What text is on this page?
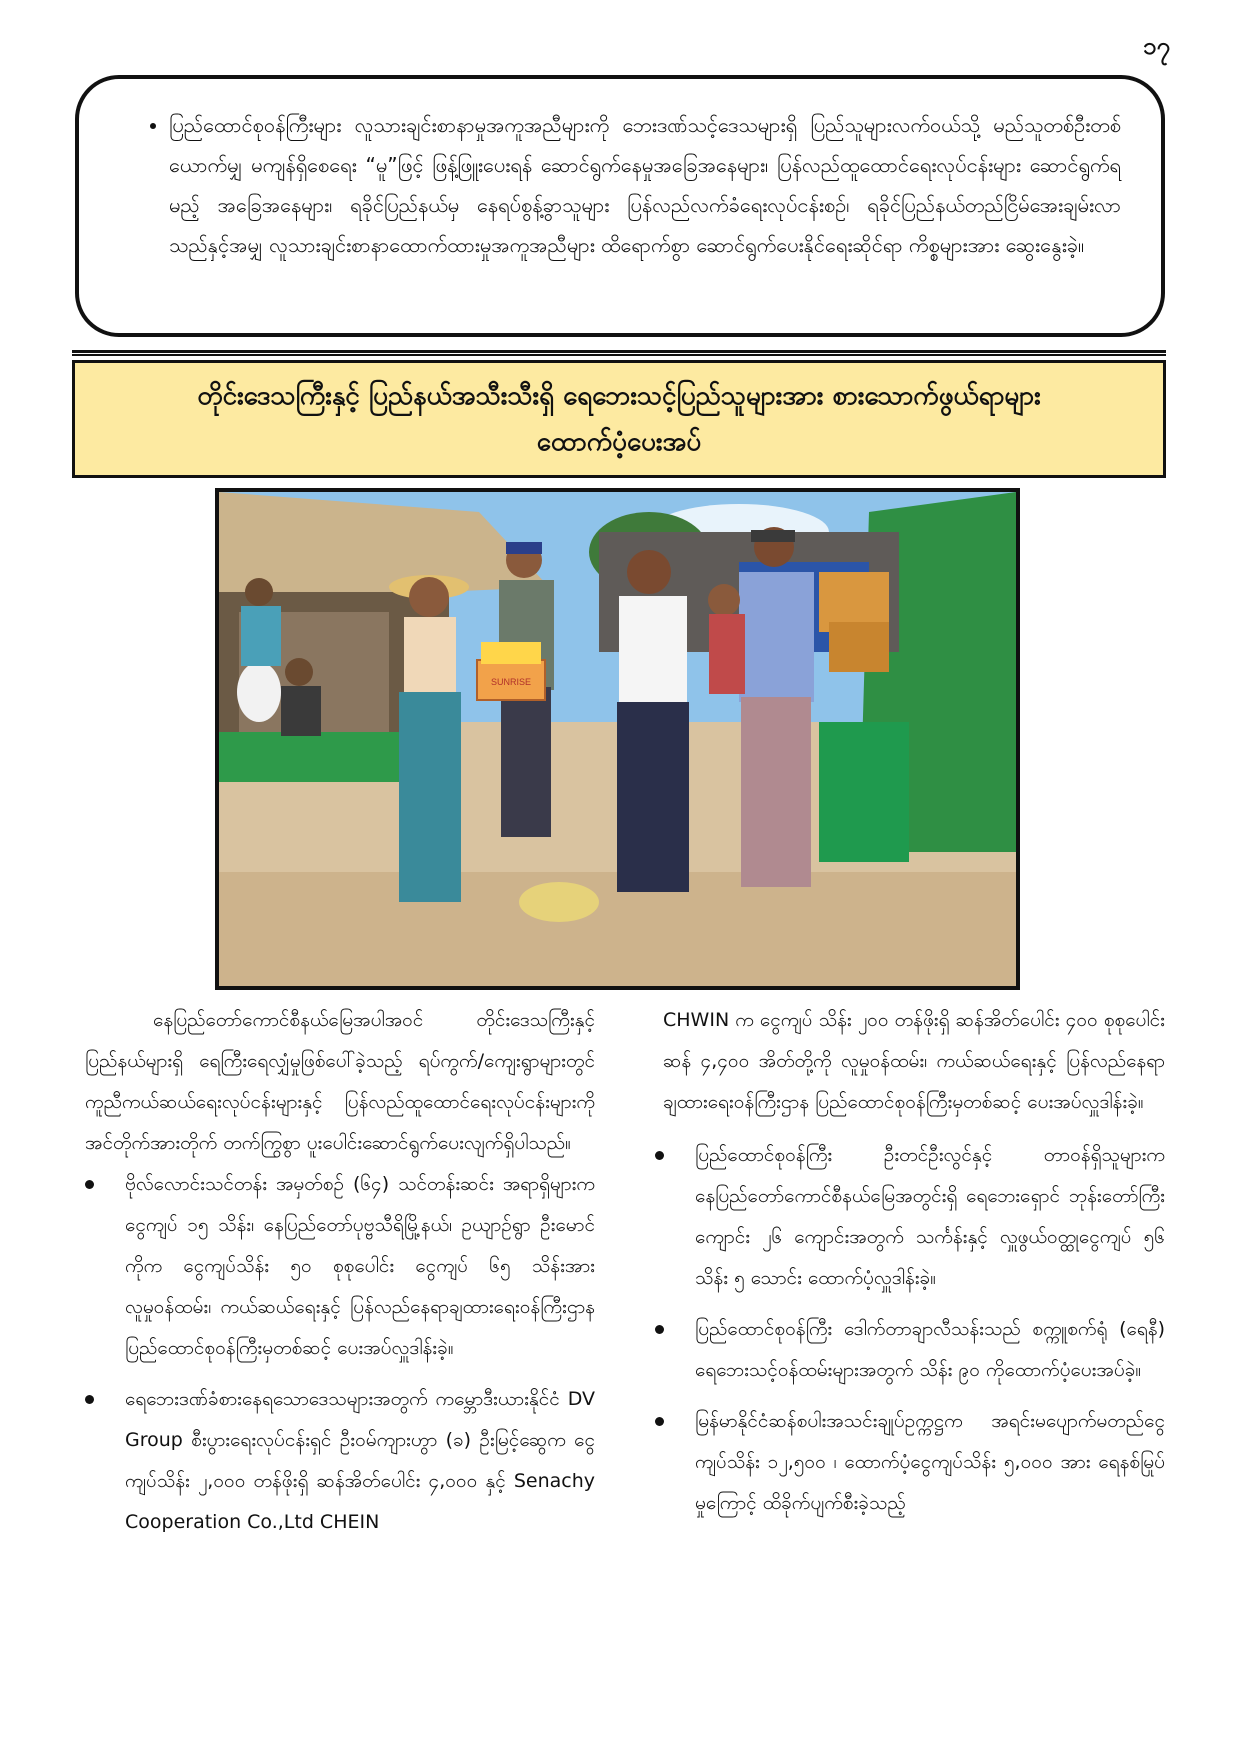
၁၇
• ပြည်ထောင်စုဝန်ကြီးများ လူသားချင်းစာနာမှုအကူအညီများကို ဘေးဒဏ်သင့်ဒေသများရှိ ပြည်သူများလက်ဝယ်သို့ မည်သူတစ်ဦးတစ်ယောက်မျှ မကျန်ရှိစေရေး “မူ”ဖြင့် ဖြန့်ဖြူးပေးရန် ဆောင်ရွက်နေမှုအခြေအနေများ၊ ပြန်လည်ထူထောင်ရေးလုပ်ငန်းများ ဆောင်ရွက်ရမည့် အခြေအနေများ၊ ရခိုင်ပြည်နယ်မှ နေရပ်စွန့်ခွာသူများ ပြန်လည်လက်ခံရေးလုပ်ငန်းစဉ်၊ ရခိုင်ပြည်နယ်တည်ငြိမ်အေးချမ်းလာသည်နှင့်အမျှ လူသားချင်းစာနာထောက်ထားမှုအကူအညီများ ထိရောက်စွာ ဆောင်ရွက်ပေးနိုင်ရေးဆိုင်ရာ ကိစ္စများအား ဆွေးနွေးခဲ့။
တိုင်းဒေသကြီးနှင့် ပြည်နယ်အသီးသီးရှိ ရေဘေးသင့်ပြည်သူများအား စားသောက်ဖွယ်ရာများ
ထောက်ပံ့ပေးအပ်
SUNRISE

နေပြည်တော်ကောင်စီနယ်မြေအပါအဝင် တိုင်းဒေသကြီးနှင့် ပြည်နယ်များရှိ ရေကြီးရေလျှံမှုဖြစ်ပေါ်ခဲ့သည့် ရပ်ကွက်/ကျေးရွာများတွင် ကူညီကယ်ဆယ်ရေးလုပ်ငန်းများနှင့် ပြန်လည်ထူထောင်ရေးလုပ်ငန်းများကို အင်တိုက်အားတိုက် တက်ကြွစွာ ပူးပေါင်းဆောင်ရွက်ပေးလျက်ရှိပါသည်။

ဗိုလ်လောင်းသင်တန်း အမှတ်စဉ် (၆၄) သင်တန်းဆင်း အရာရှိများက ငွေကျပ် ၁၅ သိန်း၊ နေပြည်တော်ပုဗ္ဗသီရိမြို့နယ်၊ ဥယျာဉ်ရွာ ဦးမောင်ကိုက ငွေကျပ်သိန်း ၅၀ စုစုပေါင်း ငွေကျပ် ၆၅ သိန်းအား လူမှုဝန်ထမ်း၊ ကယ်ဆယ်ရေးနှင့် ပြန်လည်နေရာချထားရေးဝန်ကြီးဌာန ပြည်ထောင်စုဝန်ကြီးမှတစ်ဆင့် ပေးအပ်လှူဒါန်းခဲ့။
ရေဘေးဒဏ်ခံစားနေရသောဒေသများအတွက် ကမ္ဘောဒီးယားနိုင်ငံ DV Group စီးပွားရေးလုပ်ငန်းရှင် ဦးဝမ်ကျားဟွာ (ခ) ဦးမြင့်ဆွေက ငွေကျပ်သိန်း ၂,၀၀၀ တန်ဖိုးရှိ ဆန်အိတ်ပေါင်း ၄,၀၀၀ နှင့် Senachy Cooperation Co.,Ltd CHEIN
CHWIN က ငွေကျပ် သိန်း ၂၀၀ တန်ဖိုးရှိ ဆန်အိတ်ပေါင်း ၄၀၀ စုစုပေါင်း ဆန် ၄,၄၀၀ အိတ်တို့ကို လူမှုဝန်ထမ်း၊ ကယ်ဆယ်ရေးနှင့် ပြန်လည်နေရာချထားရေးဝန်ကြီးဌာန ပြည်ထောင်စုဝန်ကြီးမှတစ်ဆင့် ပေးအပ်လှူဒါန်းခဲ့။
ပြည်ထောင်စုဝန်ကြီး ဦးတင်ဦးလွင်နှင့် တာဝန်ရှိသူများက နေပြည်တော်ကောင်စီနယ်မြေအတွင်းရှိ ရေဘေးရှောင် ဘုန်းတော်ကြီးကျောင်း ၂၆ ကျောင်းအတွက် သင်္ကန်းနှင့် လှူဖွယ်ဝတ္ထုငွေကျပ် ၅၆ သိန်း ၅ သောင်း ထောက်ပံ့လှူဒါန်းခဲ့။
ပြည်ထောင်စုဝန်ကြီး ဒေါက်တာချာလီသန်းသည် စက္ကူစက်ရုံ (ရေနီ) ရေဘေးသင့်ဝန်ထမ်းများအတွက် သိန်း ၉၀ ကိုထောက်ပံ့ပေးအပ်ခဲ့။
မြန်မာနိုင်ငံဆန်စပါးအသင်းချုပ်ဥက္ကဋ္ဌက အရင်းမပျောက်မတည်ငွေကျပ်သိန်း ၁၂,၅၀၀ ၊ ထောက်ပံ့ငွေကျပ်သိန်း ၅,၀၀၀ အား ရေနစ်မြုပ်မှုကြောင့် ထိခိုက်ပျက်စီးခဲ့သည့်
